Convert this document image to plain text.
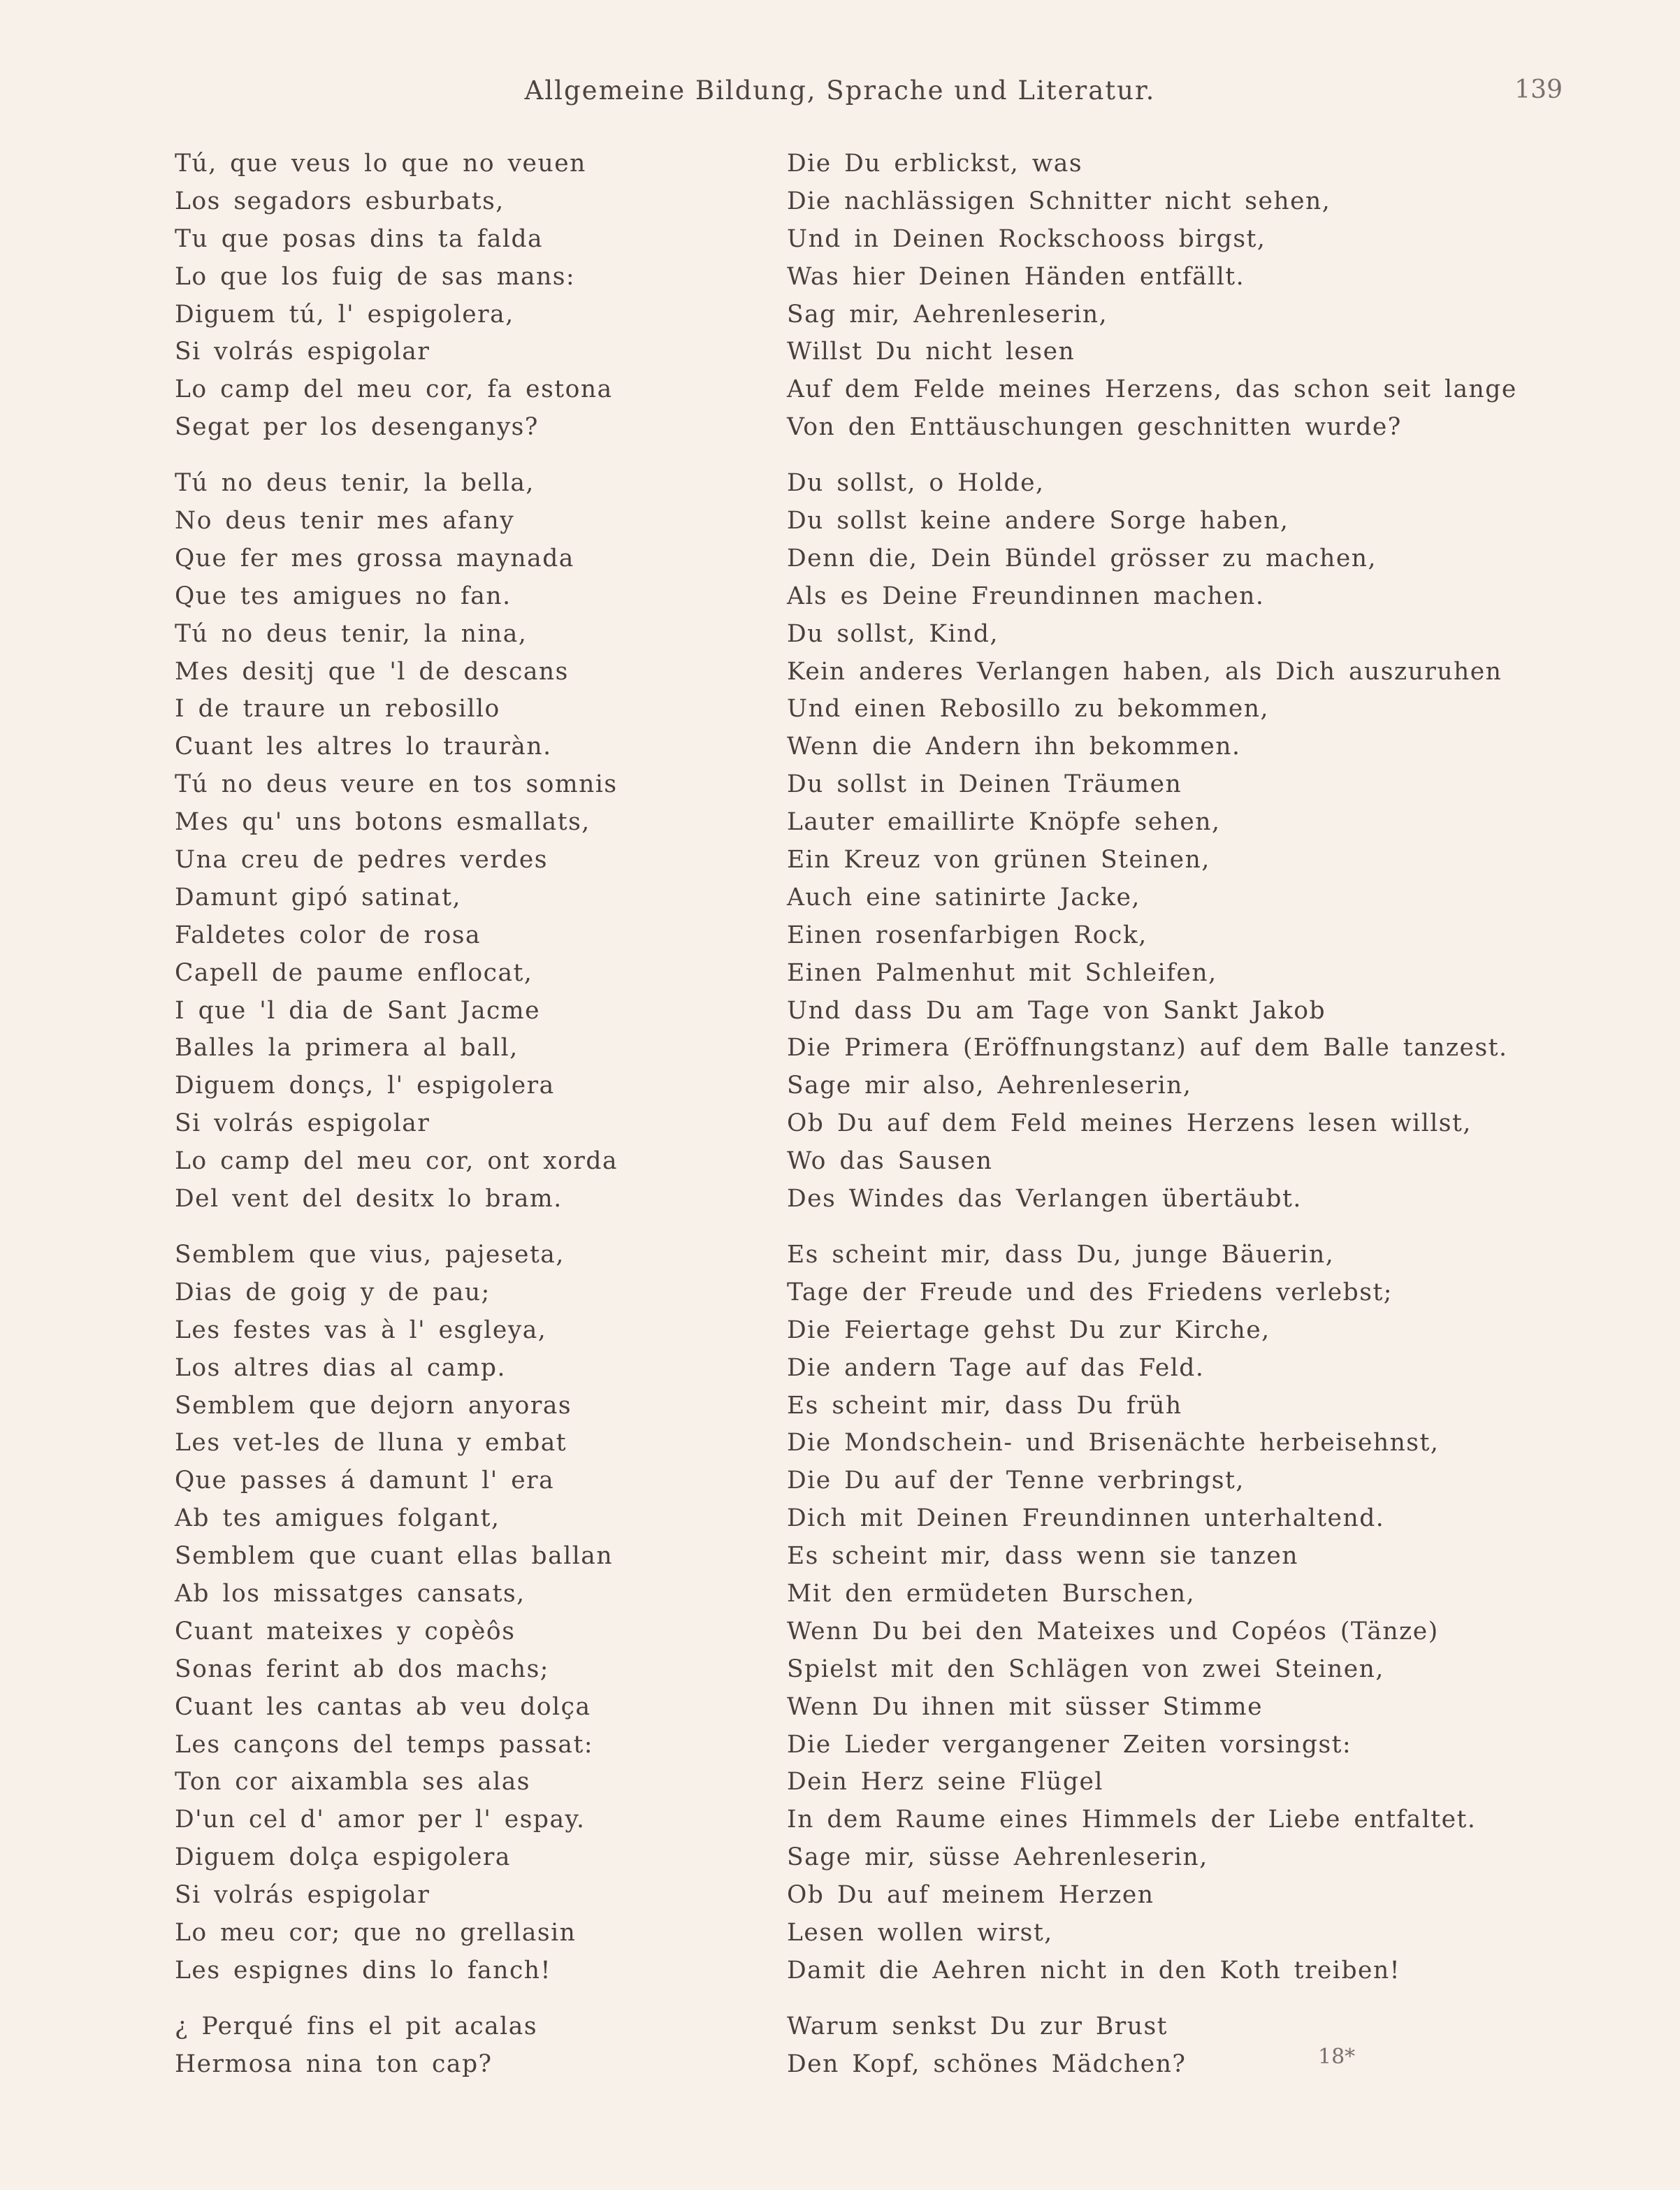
Allgemeine Bildung, Sprache und Literatur.	139
Tú, que veus lo que no veuen
Los segadors esburbats,
Tu que posas dins ta falda
Lo que los fuig de sas mans:
Diguem tú, l' espigolera,
Si volrás espigolar
Lo camp del meu cor, fa estona
Segat per los desenganys?
Tú no deus tenir, la bella,
No deus tenir mes afany
Que fer mes grossa maynada
Que tes amigues no fan.
Tú no deus tenir, la nina,
Mes desitj que 'l de descans
I de traure un rebosillo
Cuant les altres lo trauràn.
Tú no deus veure en tos somnis
Mes qu' uns botons esmallats,
Una creu de pedres verdes
Damunt gipó satinat,
Faldetes color de rosa
Capell de paume enflocat,
I que 'l dia de Sant Jacme
Balles la primera al ball,
Diguem donçs, l' espigolera
Si volrás espigolar
Lo camp del meu cor, ont xorda
Del vent del desitx lo bram.
Semblem que vius, pajeseta,
Dias de goig y de pau;
Les festes vas à l' esgleya,
Los altres dias al camp.
Semblem que dejorn anyoras
Les vet-les de lluna y embat
Que passes á damunt l' era
Ab tes amigues folgant,
Semblem que cuant ellas ballan
Ab los missatges cansats,
Cuant mateixes y copèôs
Sonas ferint ab dos machs;
Cuant les cantas ab veu dolça
Les cançons del temps passat:
Ton cor aixambla ses alas
D'un cel d' amor per l' espay.
Diguem dolça espigolera
Si volrás espigolar
Lo meu cor; que no grellasin
Les espignes dins lo fanch!
¿ Perqué fins el pit acalas
Hermosa nina ton cap?
Die Du erblickst, was
Die nachlässigen Schnitter nicht sehen,
Und in Deinen Rockschooss birgst,
Was hier Deinen Händen entfällt.
Sag mir, Aehrenleserin,
Willst Du nicht lesen
Auf dem Felde meines Herzens, das schon seit lange
Von den Enttäuschungen geschnitten wurde?
Du sollst, o Holde,
Du sollst keine andere Sorge haben,
Denn die, Dein Bündel grösser zu machen,
Als es Deine Freundinnen machen.
Du sollst, Kind,
Kein anderes Verlangen haben, als Dich auszuruhen
Und einen Rebosillo zu bekommen,
Wenn die Andern ihn bekommen.
Du sollst in Deinen Träumen
Lauter emaillirte Knöpfe sehen,
Ein Kreuz von grünen Steinen,
Auch eine satinirte Jacke,
Einen rosenfarbigen Rock,
Einen Palmenhut mit Schleifen,
Und dass Du am Tage von Sankt Jakob
Die Primera (Eröffnungstanz) auf dem Balle tanzest.
Sage mir also, Aehrenleserin,
Ob Du auf dem Feld meines Herzens lesen willst,
Wo das Sausen
Des Windes das Verlangen übertäubt.
Es scheint mir, dass Du, junge Bäuerin,
Tage der Freude und des Friedens verlebst;
Die Feiertage gehst Du zur Kirche,
Die andern Tage auf das Feld.
Es scheint mir, dass Du früh
Die Mondschein- und Brisenächte herbeisehnst,
Die Du auf der Tenne verbringst,
Dich mit Deinen Freundinnen unterhaltend.
Es scheint mir, dass wenn sie tanzen
Mit den ermüdeten Burschen,
Wenn Du bei den Mateixes und Copéos (Tänze)
Spielst mit den Schlägen von zwei Steinen,
Wenn Du ihnen mit süsser Stimme
Die Lieder vergangener Zeiten vorsingst:
Dein Herz seine Flügel
In dem Raume eines Himmels der Liebe entfaltet.
Sage mir, süsse Aehrenleserin,
Ob Du auf meinem Herzen
Lesen wollen wirst,
Damit die Aehren nicht in den Koth treiben!
Warum senkst Du zur Brust
Den Kopf, schönes Mädchen?	18*
